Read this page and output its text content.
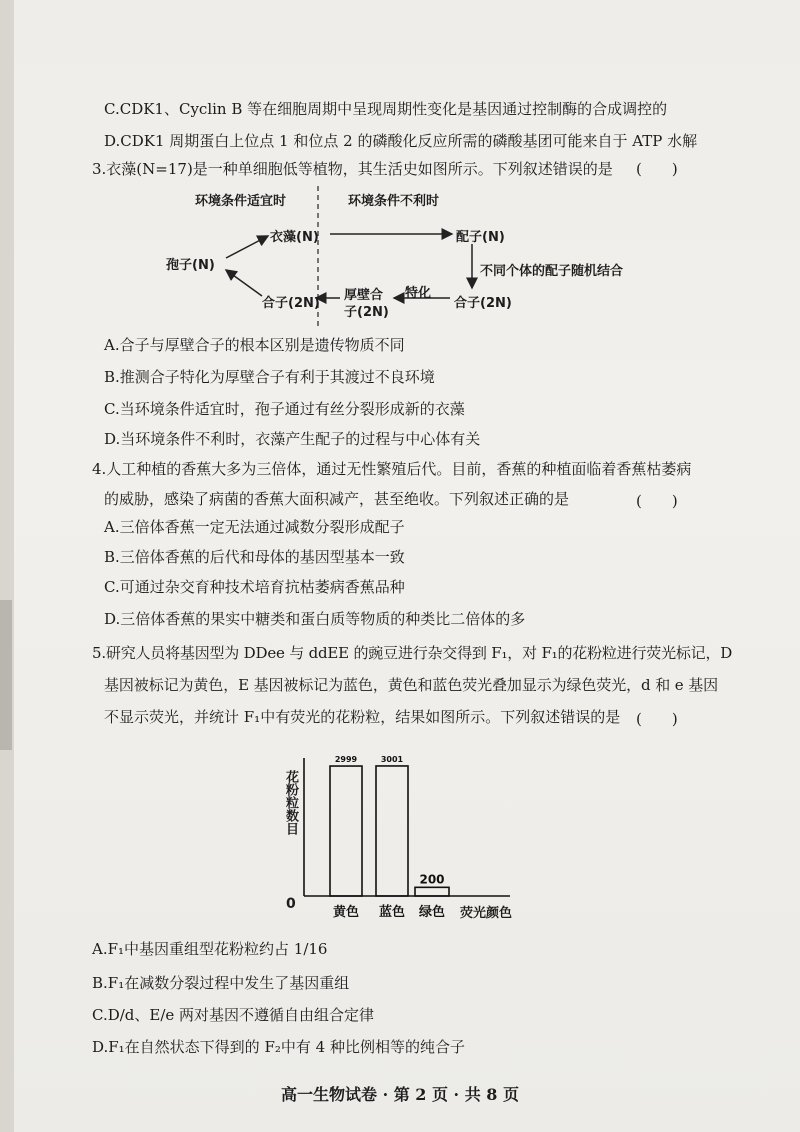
C.CDK1、Cyclin B 等在细胞周期中呈现周期性变化是基因通过控制酶的合成调控的
D.CDK1 周期蛋白上位点 1 和位点 2 的磷酸化反应所需的磷酸基团可能来自于 ATP 水解
3.衣藻(N=17)是一种单细胞低等植物，其生活史如图所示。下列叙述错误的是 (　　)
环境条件适宜时	环境条件不利时
衣藻(N)	配子(N)
孢子(N)	不同个体的配子随机结合
合子(2N)
特化
厚壁合
子(2N)
合子(2N)
A.合子与厚壁合子的根本区别是遗传物质不同
B.推测合子特化为厚壁合子有利于其渡过不良环境
C.当环境条件适宜时，孢子通过有丝分裂形成新的衣藻
D.当环境条件不利时，衣藻产生配子的过程与中心体有关
4.人工种植的香蕉大多为三倍体，通过无性繁殖后代。目前，香蕉的种植面临着香蕉枯萎病
的威胁，感染了病菌的香蕉大面积减产，甚至绝收。下列叙述正确的是	(　　)
A.三倍体香蕉一定无法通过减数分裂形成配子
B.三倍体香蕉的后代和母体的基因型基本一致
C.可通过杂交育种技术培育抗枯萎病香蕉品种
D.三倍体香蕉的果实中糖类和蛋白质等物质的种类比二倍体的多
5.研究人员将基因型为 DDee 与 ddEE 的豌豆进行杂交得到 F₁，对 F₁的花粉粒进行荧光标记，D
基因被标记为黄色，E 基因被标记为蓝色，黄色和蓝色荧光叠加显示为绿色荧光，d 和 e 基因
不显示荧光，并统计 F₁中有荧光的花粉粒，结果如图所示。下列叙述错误的是 (　　)
2999
黄色
3001
蓝色
200
绿色
花粉粒数目
0
荧光颜色
A.F₁中基因重组型花粉粒约占 1/16
B.F₁在减数分裂过程中发生了基因重组
C.D/d、E/e 两对基因不遵循自由组合定律
D.F₁在自然状态下得到的 F₂中有 4 种比例相等的纯合子
高一生物试卷 · 第 2 页 · 共 8 页
